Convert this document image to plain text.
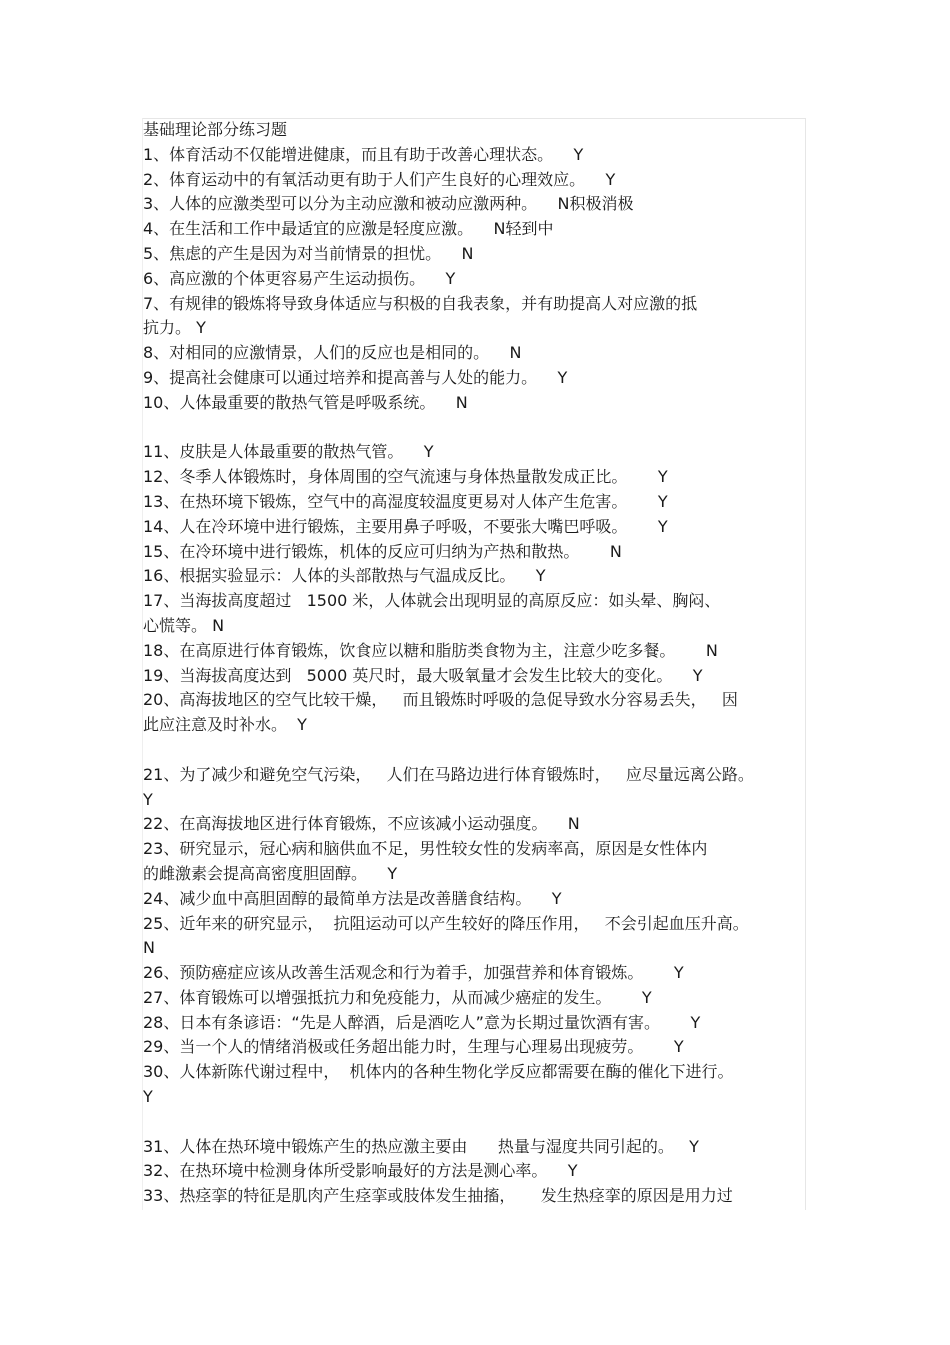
基础理论部分练习题
1、体育活动不仅能增进健康，而且有助于改善心理状态。    Y
2、体育运动中的有氧活动更有助于人们产生良好的心理效应。    Y
3、人体的应激类型可以分为主动应激和被动应激两种。    N积极消极
4、在生活和工作中最适宜的应激是轻度应激。    N轻到中
5、焦虑的产生是因为对当前情景的担忧。    N
6、高应激的个体更容易产生运动损伤。    Y
7、有规律的锻炼将导致身体适应与积极的自我表象，并有助提高人对应激的抵
抗力。 Y
8、对相同的应激情景，人们的反应也是相同的。    N
9、提高社会健康可以通过培养和提高善与人处的能力。    Y
10、人体最重要的散热气管是呼吸系统。    N
11、皮肤是人体最重要的散热气管。    Y
12、冬季人体锻炼时，身体周围的空气流速与身体热量散发成正比。      Y
13、在热环境下锻炼，空气中的高湿度较温度更易对人体产生危害。      Y
14、人在冷环境中进行锻炼，主要用鼻子呼吸，不要张大嘴巴呼吸。      Y
15、在冷环境中进行锻炼，机体的反应可归纳为产热和散热。      N
16、根据实验显示：人体的头部散热与气温成反比。    Y
17、当海拔高度超过   1500 米，人体就会出现明显的高原反应：如头晕、胸闷、
心慌等。 N
18、在高原进行体育锻炼，饮食应以糖和脂肪类食物为主，注意少吃多餐。      N
19、当海拔高度达到   5000 英尺时，最大吸氧量才会发生比较大的变化。    Y
20、高海拔地区的空气比较干燥，   而且锻炼时呼吸的急促导致水分容易丢失，   因
此应注意及时补水。  Y
21、为了减少和避免空气污染，   人们在马路边进行体育锻炼时，   应尽量远离公路。
Y
22、在高海拔地区进行体育锻炼，不应该减小运动强度。    N
23、研究显示，冠心病和脑供血不足，男性较女性的发病率高，原因是女性体内
的雌激素会提高高密度胆固醇。    Y
24、减少血中高胆固醇的最简单方法是改善膳食结构。    Y
25、近年来的研究显示，  抗阻运动可以产生较好的降压作用，   不会引起血压升高。
N
26、预防癌症应该从改善生活观念和行为着手，加强营养和体育锻炼。      Y
27、体育锻炼可以增强抵抗力和免疫能力，从而减少癌症的发生。      Y
28、日本有条谚语：“先是人醉酒，后是酒吃人”意为长期过量饮酒有害。      Y
29、当一个人的情绪消极或任务超出能力时，生理与心理易出现疲劳。      Y
30、人体新陈代谢过程中，  机体内的各种生物化学反应都需要在酶的催化下进行。
Y
31、人体在热环境中锻炼产生的热应激主要由      热量与湿度共同引起的。   Y
32、在热环境中检测身体所受影响最好的方法是测心率。    Y
33、热痉挛的特征是肌肉产生痉挛或肢体发生抽搐，     发生热痉挛的原因是用力过
